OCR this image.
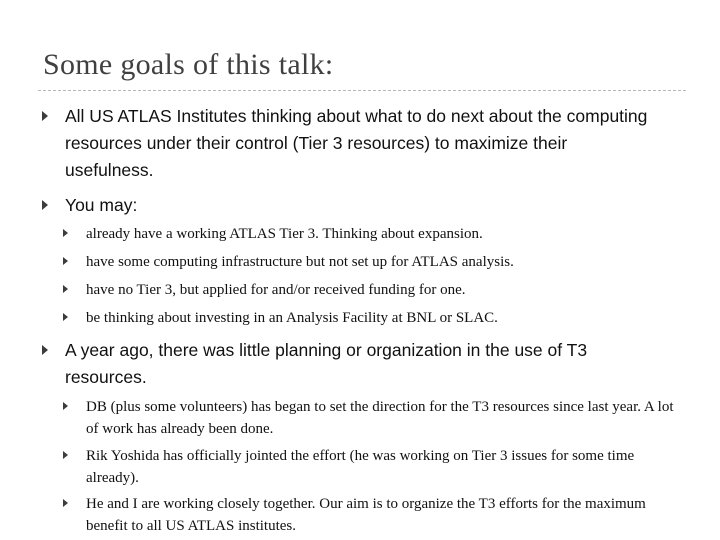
Some goals of this talk:
All US ATLAS Institutes thinking about what to do next about the computing resources under their control (Tier 3 resources) to maximize their usefulness.
You may:
already have a working ATLAS Tier 3. Thinking about expansion.
have some computing infrastructure but not set up for ATLAS analysis.
have no Tier 3, but applied for and/or received funding for one.
be thinking about investing in an Analysis Facility at BNL or SLAC.
A year ago, there was little planning or organization in the use of T3 resources.
DB (plus some volunteers) has began to set the direction for the T3 resources since last year. A lot of work has already been done.
Rik Yoshida has officially jointed the effort (he was working on Tier 3 issues for some time already).
He and I are working closely together. Our aim is to organize the T3 efforts for the maximum benefit to all US ATLAS institutes.
